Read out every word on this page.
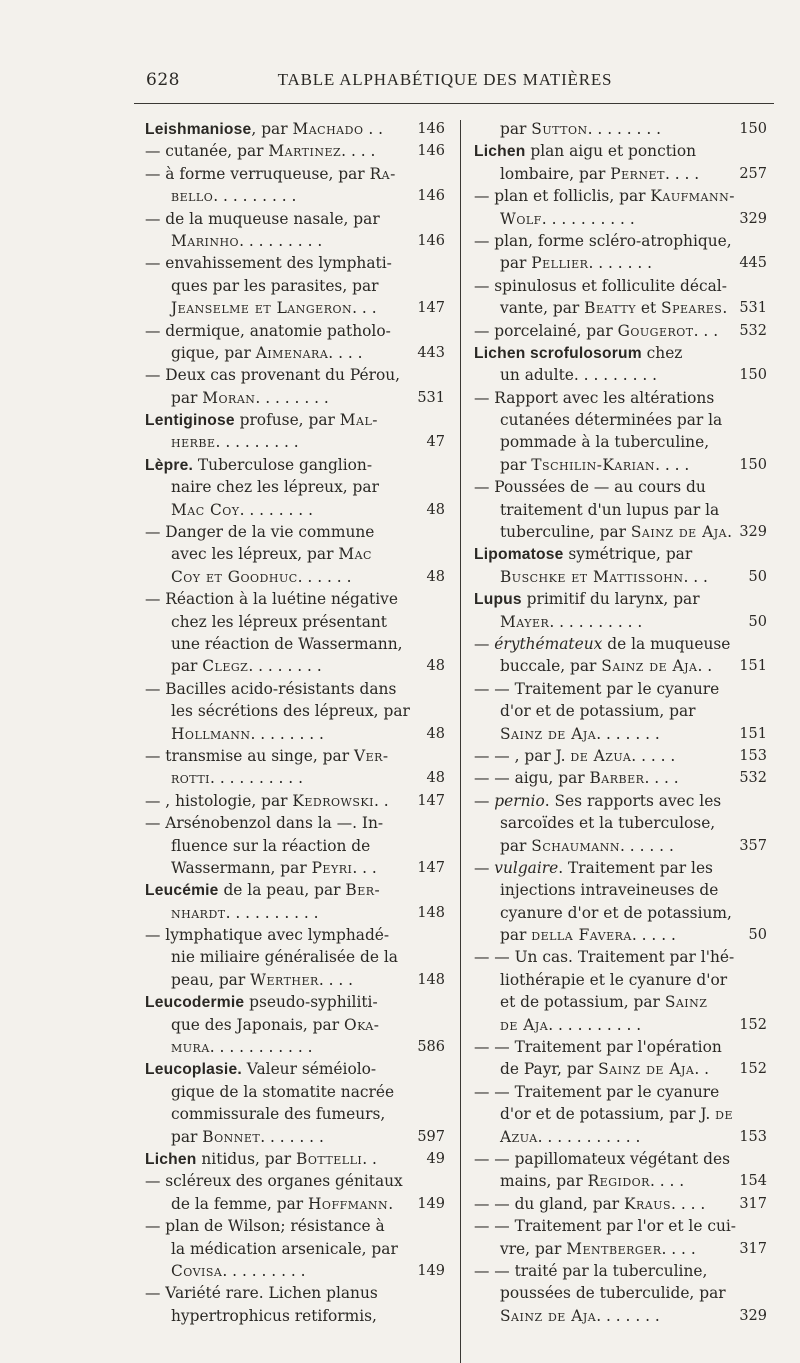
628	TABLE ALPHABÉTIQUE DES MATIÈRES
Leishmaniose, par Machado . . 146
— cutanée, par Martinez. . . .	146
— à forme verruqueuse, par Ra-
bello. . . . . . . . .	146
— de la muqueuse nasale, par
Marinho. . . . . . . . .	146
— envahissement des lymphati-
ques par les parasites, par
Jeanselme et Langeron. . .	147
— dermique, anatomie patholo-
gique, par Aimenara. . . .	443
— Deux cas provenant du Pérou,
par Moran. . . . . . . .	531
Lentiginose profuse, par Mal-
herbe. . . . . . . . .	47
Lèpre. Tuberculose ganglion-
naire chez les lépreux, par
Mac Coy. . . . . . . .	48
— Danger de la vie commune
avec les lépreux, par Mac
Coy et Goodhuc. . . . . .	48
— Réaction à la luétine négative
chez les lépreux présentant
une réaction de Wassermann,
par Clegz. . . . . . . .	48
— Bacilles acido-résistants dans
les sécrétions des lépreux, par
Hollmann. . . . . . . .	48
— transmise au singe, par Ver-
rotti. . . . . . . . . .	48
— , histologie, par Kedrowski. . 147
— Arsénobenzol dans la —. In-
fluence sur la réaction de
Wassermann, par Peyri. . .	147
Leucémie de la peau, par Ber-
nhardt. . . . . . . . . .	148
— lymphatique avec lymphadé-
nie miliaire généralisée de la
peau, par Werther. . . .	148
Leucodermie pseudo-syphiliti-
que des Japonais, par Oka-
mura. . . . . . . . . . .	586
Leucoplasie. Valeur séméiolo-
gique de la stomatite nacrée
commissurale des fumeurs,
par Bonnet. . . . . . .	597
Lichen nitidus, par Bottelli. .	49
— scléreux des organes génitaux
de la femme, par Hoffmann. 149
— plan de Wilson; résistance à
la médication arsenicale, par
Covisa. . . . . . . . .	149
— Variété rare. Lichen planus
hypertrophicus retiformis,
par Sutton. . . . . . . .	150
Lichen plan aigu et ponction
lombaire, par Pernet. . . .	257
— plan et folliclis, par Kaufmann-
Wolf. . . . . . . . . .	329
— plan, forme scléro-atrophique,
par Pellier. . . . . . .	445
— spinulosus et folliculite décal-
vante, par Beatty et Speares. 531
— porcelainé, par Gougerot. . . 532
Lichen scrofulosorum chez
un adulte. . . . . . . . .	150
— Rapport avec les altérations
cutanées déterminées par la
pommade à la tuberculine,
par Tschilin-Karian. . . .	150
— Poussées de — au cours du
traitement d'un lupus par la
tuberculine, par Sainz de Aja. 329
Lipomatose symétrique, par
Buschke et Mattissohn. . .	50
Lupus primitif du larynx, par
Mayer. . . . . . . . . .	50
— érythémateux de la muqueuse
buccale, par Sainz de Aja. . 151
— — Traitement par le cyanure
d'or et de potassium, par
Sainz de Aja. . . . . . .	151
— — , par J. de Azua. . . . .	153
— — aigu, par Barber. . . .	532
— pernio. Ses rapports avec les
sarcoïdes et la tuberculose,
par Schaumann. . . . . .	357
— vulgaire. Traitement par les
injections intraveineuses de
cyanure d'or et de potassium,
par della Favera. . . . .	50
— — Un cas. Traitement par l'hé-
liothérapie et le cyanure d'or
et de potassium, par Sainz
de Aja. . . . . . . . . .	152
— — Traitement par l'opération
de Payr, par Sainz de Aja. . 152
— — Traitement par le cyanure
d'or et de potassium, par J. de
Azua. . . . . . . . . . .	153
— — papillomateux végétant des
mains, par Regidor. . . .	154
— — du gland, par Kraus. . . . 317
— — Traitement par l'or et le cui-
vre, par Mentberger. . . .	317
— — traité par la tuberculine,
poussées de tuberculide, par
Sainz de Aja. . . . . . .	329
